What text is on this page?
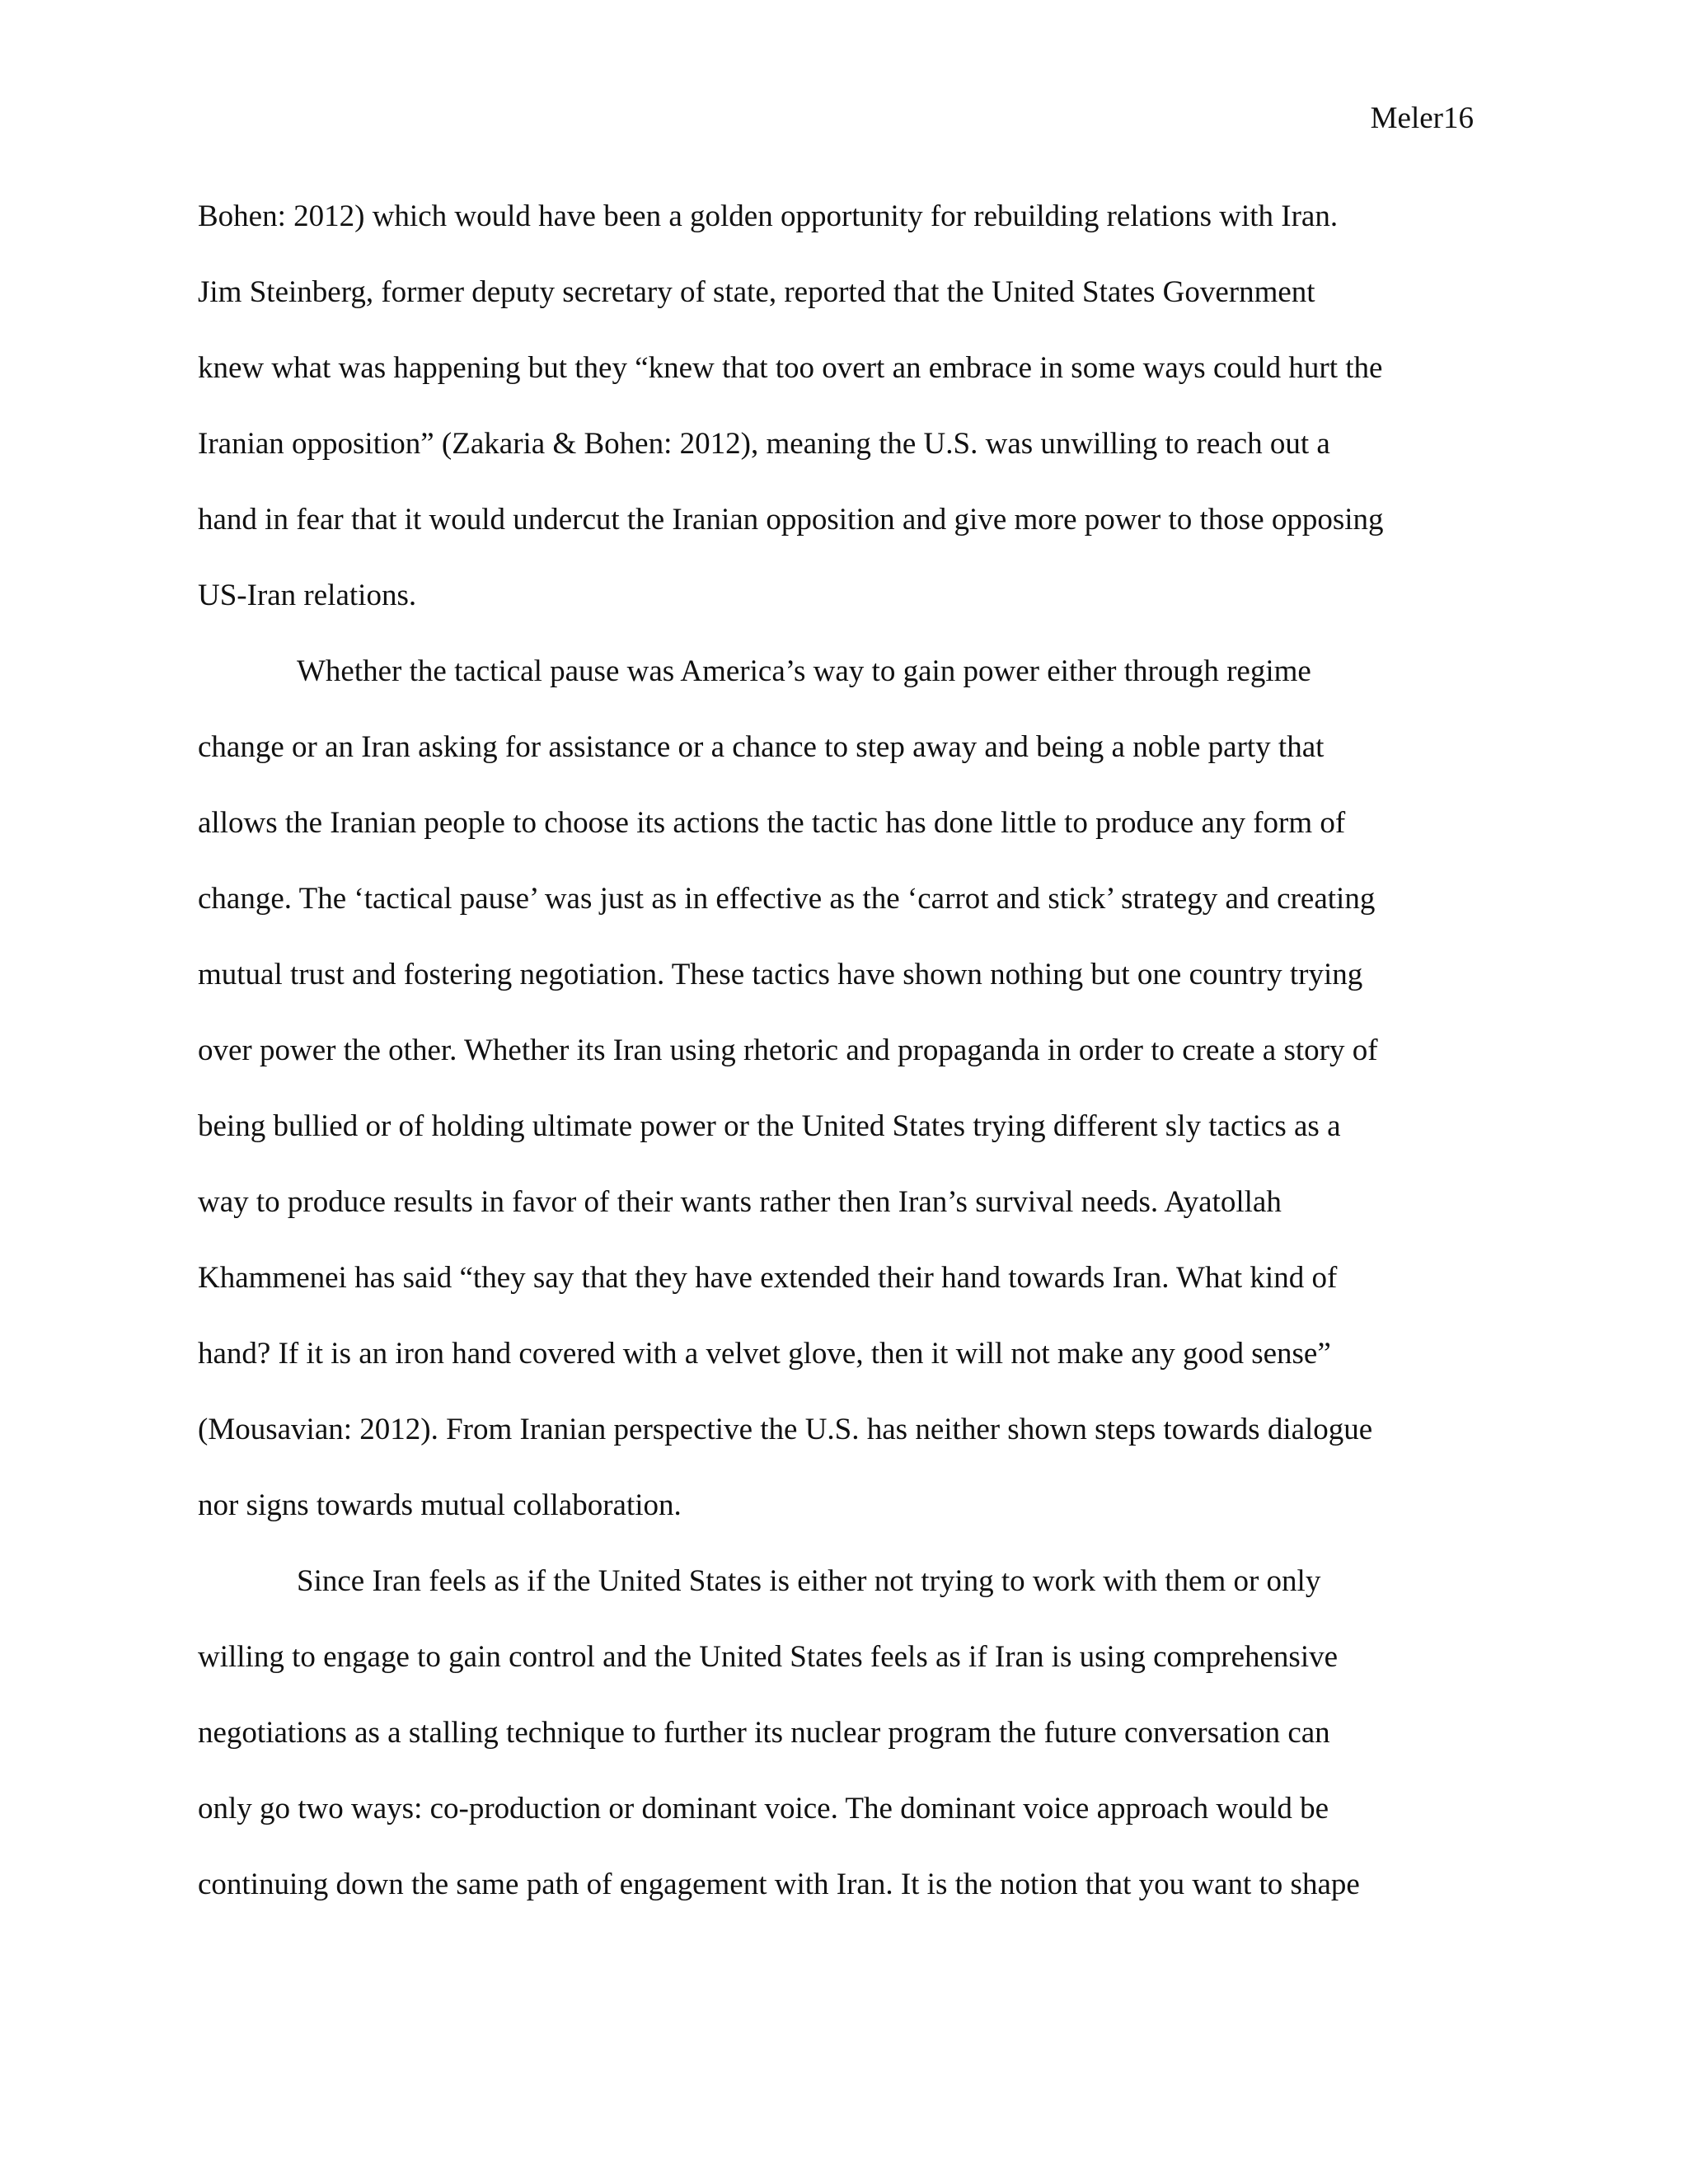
Meler16
Bohen: 2012) which would have been a golden opportunity for rebuilding relations with Iran.
Jim Steinberg, former deputy secretary of state, reported that the United States Government
knew what was happening but they “knew that too overt an embrace in some ways could hurt the
Iranian opposition” (Zakaria & Bohen: 2012), meaning the U.S. was unwilling to reach out a
hand in fear that it would undercut the Iranian opposition and give more power to those opposing
US-Iran relations.
Whether the tactical pause was America’s way to gain power either through regime
change or an Iran asking for assistance or a chance to step away and being a noble party that
allows the Iranian people to choose its actions the tactic has done little to produce any form of
change. The ‘tactical pause’ was just as in effective as the ‘carrot and stick’ strategy and creating
mutual trust and fostering negotiation. These tactics have shown nothing but one country trying
over power the other. Whether its Iran using rhetoric and propaganda in order to create a story of
being bullied or of holding ultimate power or the United States trying different sly tactics as a
way to produce results in favor of their wants rather then Iran’s survival needs. Ayatollah
Khammenei has said “they say that they have extended their hand towards Iran. What kind of
hand? If it is an iron hand covered with a velvet glove, then it will not make any good sense”
(Mousavian: 2012). From Iranian perspective the U.S. has neither shown steps towards dialogue
nor signs towards mutual collaboration.
Since Iran feels as if the United States is either not trying to work with them or only
willing to engage to gain control and the United States feels as if Iran is using comprehensive
negotiations as a stalling technique to further its nuclear program the future conversation can
only go two ways: co-production or dominant voice. The dominant voice approach would be
continuing down the same path of engagement with Iran. It is the notion that you want to shape
